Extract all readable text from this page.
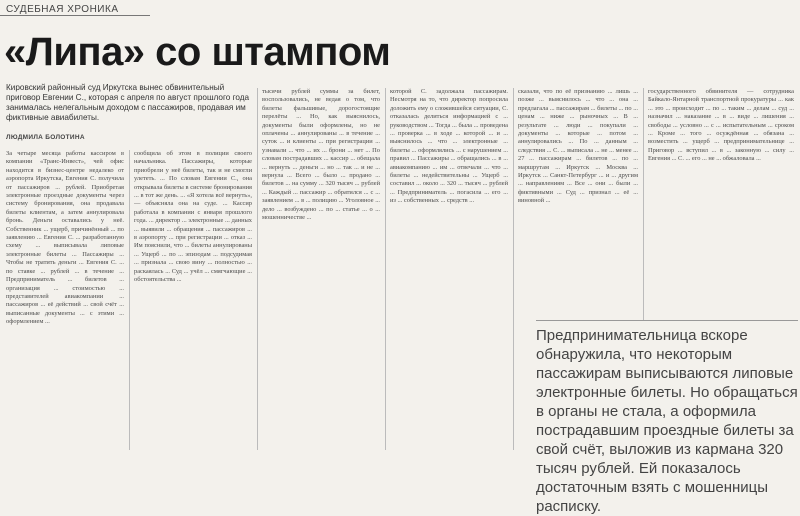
СУДЕБНАЯ ХРОНИКА
«Липа» со штампом
Кировский районный суд Иркутска вынес обвинительный приговор Евгении С., которая с апреля по август прошлого года занималась нелегальным доходом с пассажиров, продавая им фиктивные авиабилеты.
ЛЮДМИЛА БОЛОТИНА
За четыре месяца работы кассиром в компании «Транс-Инвест», чей офис находится в бизнес-центре недалеко от аэропорта Иркутска, Евгения С. получила от пассажиров ... рублей. Приобретая электронные проездные документы через систему бронирования, она продавала билеты клиентам, а затем аннулировала бронь. Деньги оставались у неё. Собственник ... ущерб, причинённый ... по заявлению ... Евгения С. ... разработанную схему ... выписывала липовые электронные билеты ... Пассажиры ... Чтобы не тратить деньги ... Евгения С. ... по ставке ... рублей ... в течение ... Предприниматель ... билетов ... организация ... стоимостью ... представителей авиакомпании ... пассажиров ... её действий ... свой счёт ... выписанные документы ... с этими ... оформлением ...
сообщила об этом в полиции своего начальника. Пассажиры, которые приобрели у неё билеты, так и не смогли улететь. ... По словам Евгении С., она открывала билеты в системе бронирования ... в тот же день. ... «Я хотела всё вернуть», — объясняла она на суде. ... Кассир работала в компании с января прошлого года. ... директор ... электронные ... данных ... выявили ... обращения ... пассажиров ... в аэропорту ... при регистрации ... отказ ... Им пояснили, что ... билеты аннулированы ... Ущерб ... по ... эпизодам ... подсудимая ... признала ... свою вину ... полностью ... раскаялась ... Суд ... учёл ... смягчающие ... обстоятельства ...
тысячи рублей суммы за билет, воспользовались, не ведая о том, что билеты фальшивые, дорогостоящие перелёты ... Но, как выяснилось, документы были оформлены, но не оплачены ... аннулированы ... в течение ... суток ... и клиенты ... при регистрации ... узнавали ... что ... их ... брони ... нет ... По словам пострадавших ... кассир ... обещала ... вернуть ... деньги ... но ... так ... и не ... вернула ... Всего ... было ... продано ... билетов ... на сумму ... 320 тысяч ... рублей ... Каждый ... пассажир ... обратился ... с ... заявлением ... в ... полицию ... Уголовное ... дело ... возбуждено ... по ... статье ... о ... мошенничестве ...
которой С. задолжала пассажирам. Несмотря на то, что директор попросила доложить ему о сложившейся ситуации, С. отказалась делиться информацией с ... руководством ... Тогда ... была ... проведена ... проверка ... в ходе ... которой ... и ... выяснилось ... что ... электронные ... билеты ... оформлялись ... с нарушением ... правил ... Пассажиры ... обращались ... в ... авиакомпанию ... им ... отвечали ... что ... билеты ... недействительны ... Ущерб ... составил ... около ... 320 ... тысяч ... рублей ... Предприниматель ... погасила ... его ... из ... собственных ... средств ...
сказали, что по её признанию ... лишь ... позже ... выяснилось ... что ... она ... предлагала ... пассажирам ... билеты ... по ... ценам ... ниже ... рыночных ... В ... результате ... люди ... покупали ... документы ... которые ... потом ... аннулировались ... По ... данным ... следствия ... С. ... выписала ... не ... менее ... 27 ... пассажирам ... билетов ... по ... маршрутам ... Иркутск ... Москва ... Иркутск ... Санкт-Петербург ... и ... другим ... направлениям ... Все ... они ... были ... фиктивными ... Суд ... признал ... её ... виновной ...
государственного обвинителя — сотрудника Байкало-Янтарной транспортной прокуратуры ... как ... это ... происходит ... по ... таким ... делам ... суд ... назначил ... наказание ... в ... виде ... лишения ... свободы ... условно ... с ... испытательным ... сроком ... Кроме ... того ... осуждённая ... обязана ... возместить ... ущерб ... предпринимательнице ... Приговор ... вступил ... в ... законную ... силу ... Евгения ... С. ... его ... не ... обжаловала ...
Предпринимательница вскоре обнаружила, что некоторым пассажирам выписываются липовые электронные билеты. Но обращаться в органы не стала, а оформила пострадавшим проездные билеты за свой счёт, выложив из кармана 320 тысяч рублей. Ей показалось достаточным взять с мошенницы расписку.
